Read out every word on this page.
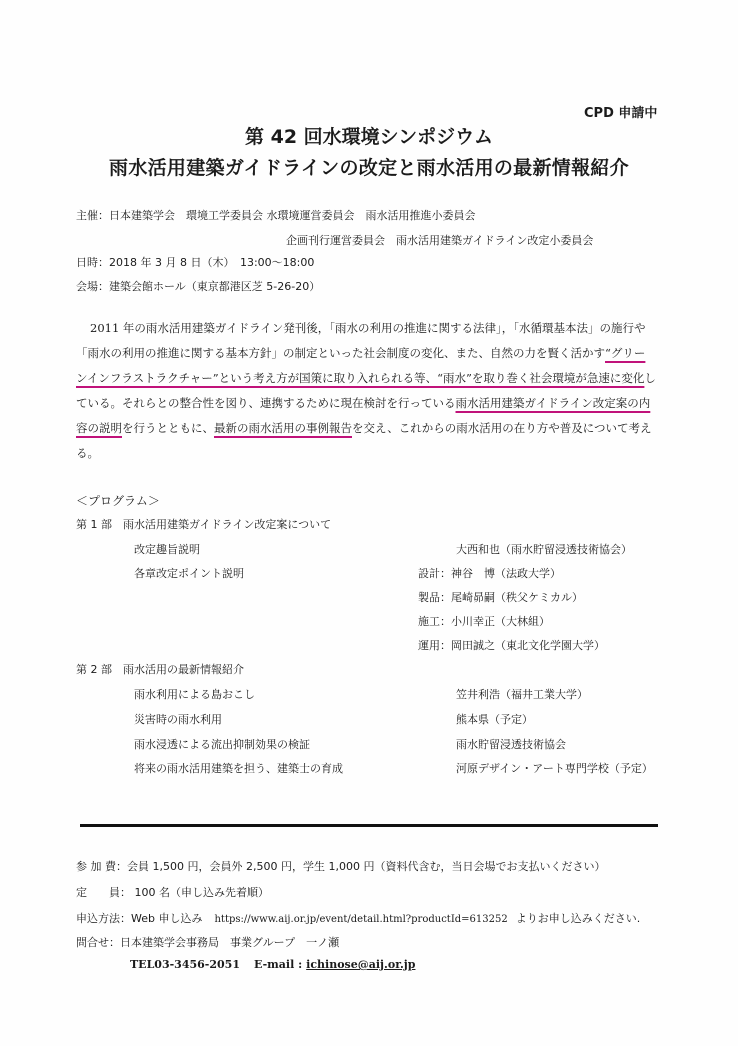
CPD 申請中
第 42 回水環境シンポジウム
雨水活用建築ガイドラインの改定と雨水活用の最新情報紹介
主催：日本建築学会　環境工学委員会 水環境運営委員会　雨水活用推進小委員会
企画刊行運営委員会　雨水活用建築ガイドライン改定小委員会
日時：2018 年 3 月 8 日（木）　13:00～18:00
会場：建築会館ホール（東京都港区芝 5-26-20）
2011 年の雨水活用建築ガイドライン発刊後，「雨水の利用の推進に関する法律」，「水循環基本法」の施行や「雨水の利用の推進に関する基本方針」の制定といった社会制度の変化、また、自然の力を賢く活かす“グリーンインフラストラクチャー”という考え方が国策に取り入れられる等、“雨水”を取り巻く社会環境が急速に変化している。それらとの整合性を図り、連携するために現在検討を行っている雨水活用建築ガイドライン改定案の内容の説明を行うとともに、最新の雨水活用の事例報告を交え、これからの雨水活用の在り方や普及について考える。
＜プログラム＞
第 1 部　雨水活用建築ガイドライン改定案について
改定趣旨説明	大西和也（雨水貯留浸透技術協会）
各章改定ポイント説明	設計：神谷　博（法政大学）
製品：尾崎昴嗣（秩父ケミカル）
施工：小川幸正（大林組）
運用：岡田誠之（東北文化学園大学）
第 2 部　雨水活用の最新情報紹介
雨水利用による島おこし	笠井利浩（福井工業大学）
災害時の雨水利用	熊本県（予定）
雨水浸透による流出抑制効果の検証	雨水貯留浸透技術協会
将来の雨水活用建築を担う、建築士の育成	河原デザイン・アート専門学校（予定）
参 加 費：会員 1,500 円，会員外 2,500 円，学生 1,000 円（資料代含む，当日会場でお支払いください）
定　　員： 100 名（申し込み先着順）
申込方法：Web 申し込み https://www.aij.or.jp/event/detail.html?productId=613252 よりお申し込みください.
問合せ：日本建築学会事務局　事業グループ　一ノ瀬
TEL03-3456-2051 E-mail : ichinose@aij.or.jp
